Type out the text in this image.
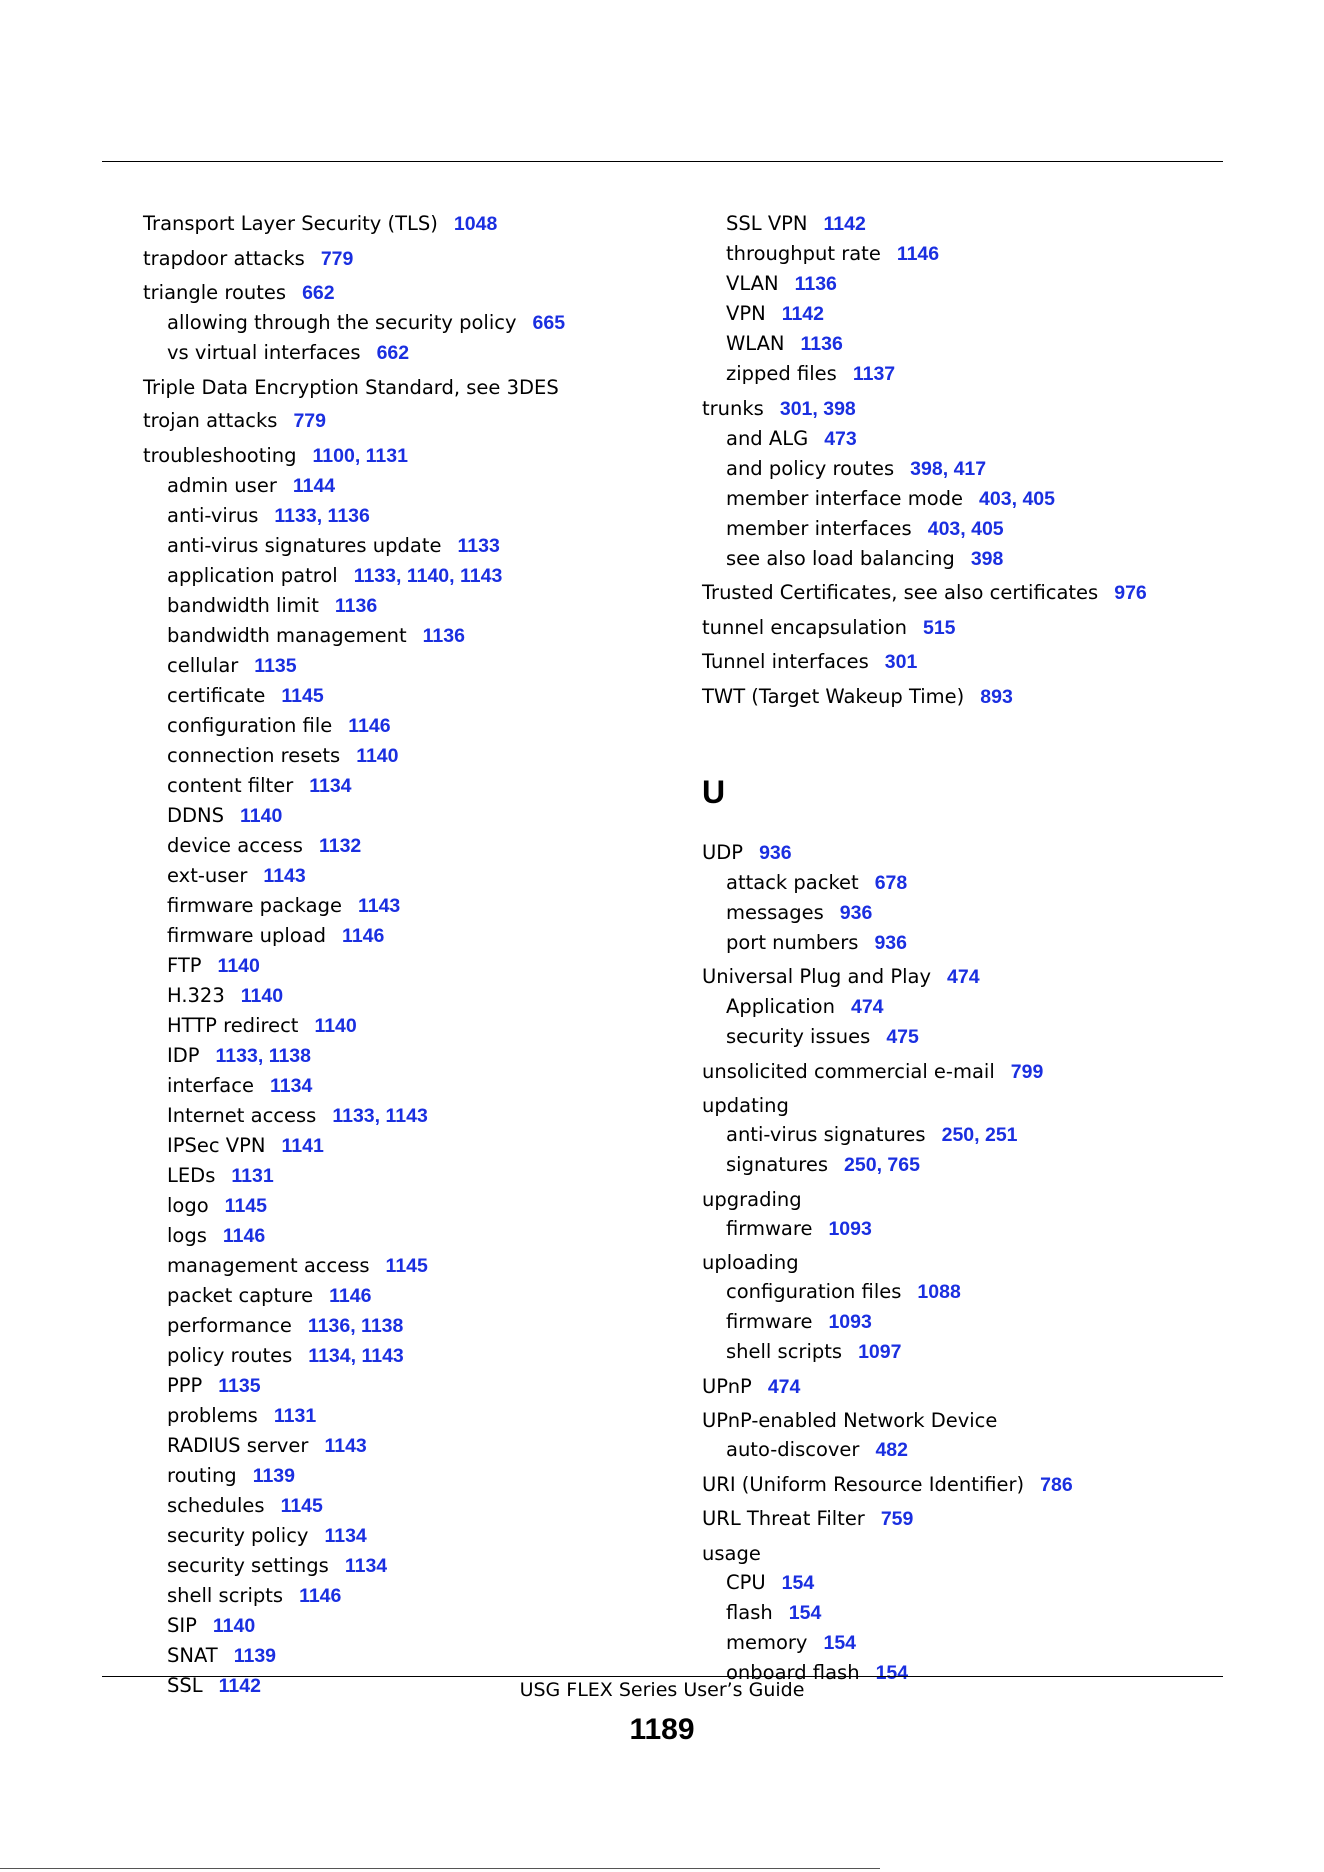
Transport Layer Security (TLS) 1048
trapdoor attacks 779
triangle routes 662
allowing through the security policy 665
vs virtual interfaces 662
Triple Data Encryption Standard, see 3DES
trojan attacks 779
troubleshooting 1100, 1131
admin user 1144
anti-virus 1133, 1136
anti-virus signatures update 1133
application patrol 1133, 1140, 1143
bandwidth limit 1136
bandwidth management 1136
cellular 1135
certificate 1145
configuration file 1146
connection resets 1140
content filter 1134
DDNS 1140
device access 1132
ext-user 1143
firmware package 1143
firmware upload 1146
FTP 1140
H.323 1140
HTTP redirect 1140
IDP 1133, 1138
interface 1134
Internet access 1133, 1143
IPSec VPN 1141
LEDs 1131
logo 1145
logs 1146
management access 1145
packet capture 1146
performance 1136, 1138
policy routes 1134, 1143
PPP 1135
problems 1131
RADIUS server 1143
routing 1139
schedules 1145
security policy 1134
security settings 1134
shell scripts 1146
SIP 1140
SNAT 1139
SSL 1142
SSL VPN 1142
throughput rate 1146
VLAN 1136
VPN 1142
WLAN 1136
zipped files 1137
trunks 301, 398
and ALG 473
and policy routes 398, 417
member interface mode 403, 405
member interfaces 403, 405
see also load balancing 398
Trusted Certificates, see also certificates 976
tunnel encapsulation 515
Tunnel interfaces 301
TWT (Target Wakeup Time) 893
U
UDP 936
attack packet 678
messages 936
port numbers 936
Universal Plug and Play 474
Application 474
security issues 475
unsolicited commercial e-mail 799
updating
anti-virus signatures 250, 251
signatures 250, 765
upgrading
firmware 1093
uploading
configuration files 1088
firmware 1093
shell scripts 1097
UPnP 474
UPnP-enabled Network Device
auto-discover 482
URI (Uniform Resource Identifier) 786
URL Threat Filter 759
usage
CPU 154
flash 154
memory 154
onboard flash 154
USG FLEX Series User’s Guide
1189
